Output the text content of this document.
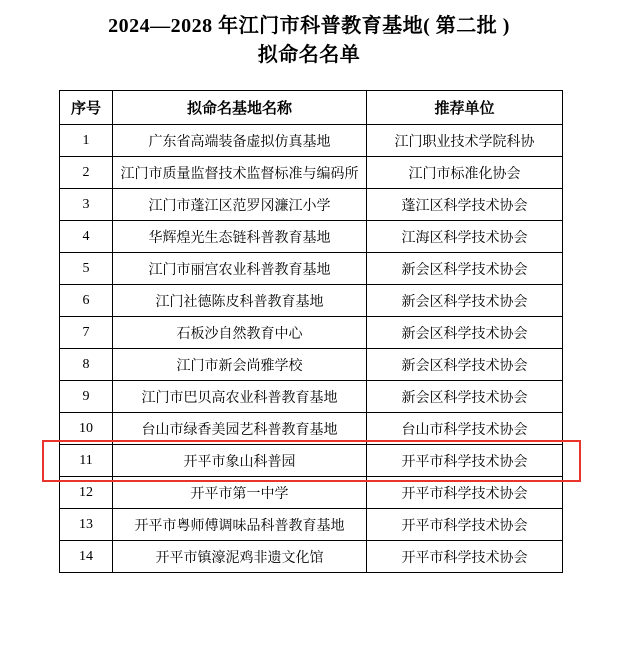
2024—2028 年江门市科普教育基地( 第二批 )
拟命名名单
序号	拟命名基地名称	推荐单位
1	广东省高端装备虚拟仿真基地	江门职业技术学院科协
2	江门市质量监督技术监督标准与编码所	江门市标准化协会
3	江门市蓬江区范罗冈濂江小学	蓬江区科学技术协会
4	华辉煌光生态链科普教育基地	江海区科学技术协会
5	江门市丽宫农业科普教育基地	新会区科学技术协会
6	江门社德陈皮科普教育基地	新会区科学技术协会
7	石板沙自然教育中心	新会区科学技术协会
8	江门市新会尚雅学校	新会区科学技术协会
9	江门市巴贝高农业科普教育基地	新会区科学技术协会
10	台山市绿香美园艺科普教育基地	台山市科学技术协会
11	开平市象山科普园	开平市科学技术协会
12	开平市第一中学	开平市科学技术协会
13	开平市粤师傅调味品科普教育基地	开平市科学技术协会
14	开平市镇濠泥鸡非遗文化馆	开平市科学技术协会
